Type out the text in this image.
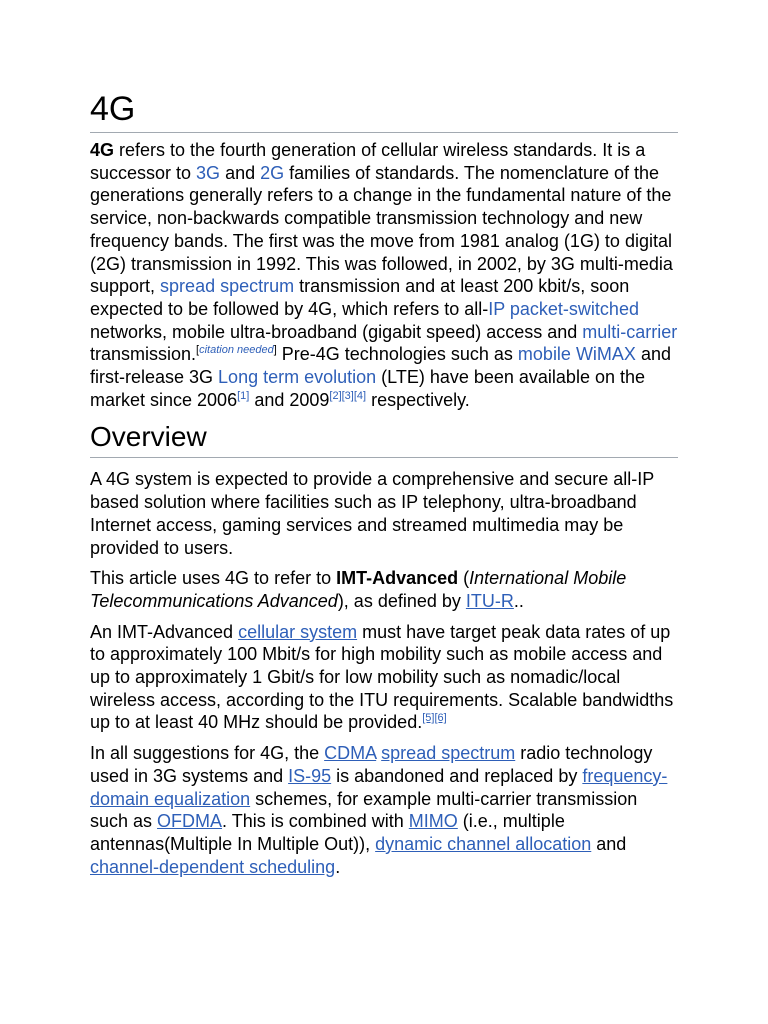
4G

4G refers to the fourth generation of cellular wireless standards. It is a successor to 3G and 2G families of standards. The nomenclature of the generations generally refers to a change in the fundamental nature of the service, non-backwards compatible transmission technology and new frequency bands. The first was the move from 1981 analog (1G) to digital (2G) transmission in 1992. This was followed, in 2002, by 3G multi-media support, spread spectrum transmission and at least 200 kbit/s, soon expected to be followed by 4G, which refers to all-IP packet-switched networks, mobile ultra-broadband (gigabit speed) access and multi-carrier transmission.[citation needed] Pre-4G technologies such as mobile WiMAX and first-release 3G Long term evolution (LTE) have been available on the market since 2006[1] and 2009[2][3][4] respectively.

Overview

A 4G system is expected to provide a comprehensive and secure all-IP based solution where facilities such as IP telephony, ultra-broadband Internet access, gaming services and streamed multimedia may be provided to users.

This article uses 4G to refer to IMT-Advanced (International Mobile Telecommunications Advanced), as defined by ITU-R..

An IMT-Advanced cellular system must have target peak data rates of up to approximately 100 Mbit/s for high mobility such as mobile access and up to approximately 1 Gbit/s for low mobility such as nomadic/local wireless access, according to the ITU requirements. Scalable bandwidths up to at least 40 MHz should be provided.[5][6]

In all suggestions for 4G, the CDMA spread spectrum radio technology used in 3G systems and IS-95 is abandoned and replaced by frequency-domain equalization schemes, for example multi-carrier transmission such as OFDMA. This is combined with MIMO (i.e., multiple antennas(Multiple In Multiple Out)), dynamic channel allocation and channel-dependent scheduling.
